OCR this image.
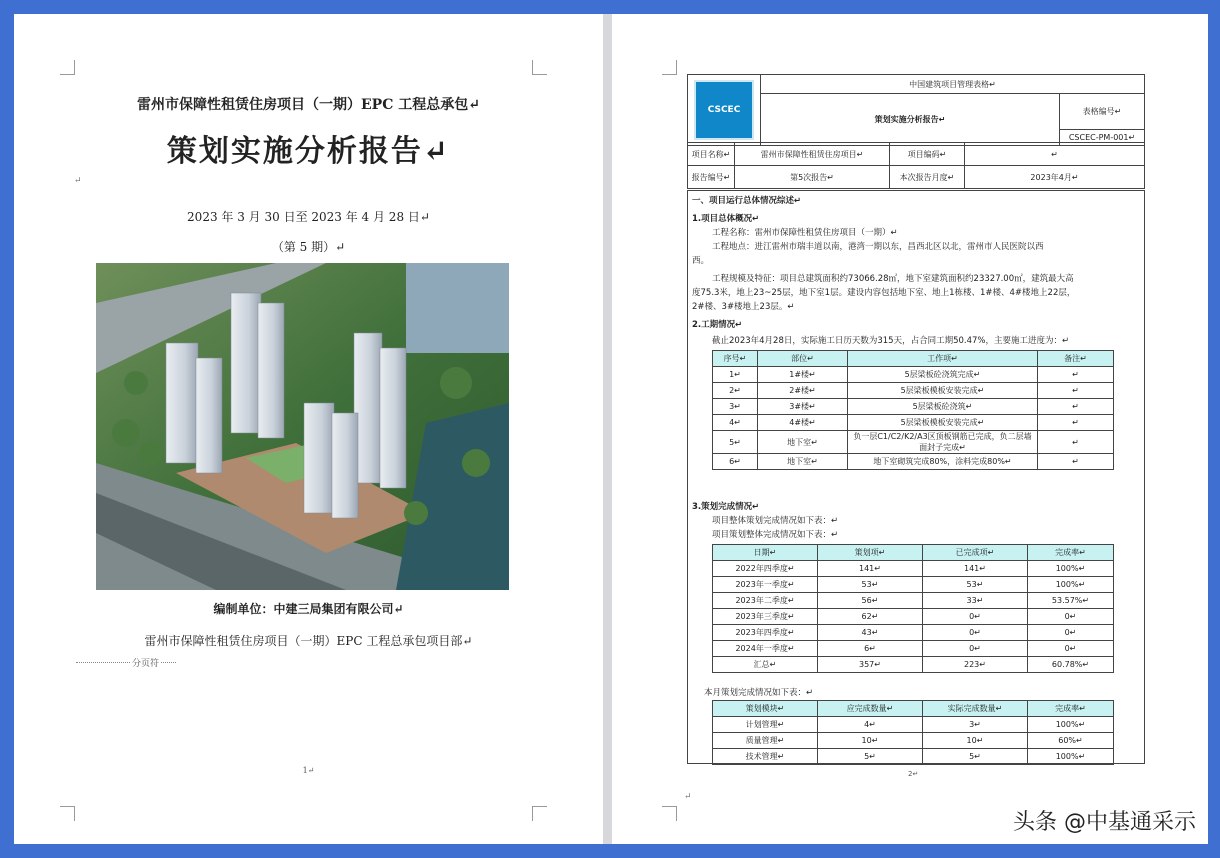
雷州市保障性租赁住房项目（一期）EPC 工程总承包↵
策划实施分析报告↵
↵
2023 年 3 月 30 日至 2023 年 4 月 28 日↵
（第 5 期）↵
编制单位：中建三局集团有限公司↵
雷州市保障性租赁住房项目（一期）EPC 工程总承包项目部↵
分页符
1↵
↵
CSCEC	中国建筑项目管理表格↵	
	策划实施分析报告↵	表格编号↵
		CSCEC-PM-001↵
项目名称↵	雷州市保障性租赁住房项目↵	项目编码↵	↵
报告编号↵	第5次报告↵	本次报告月度↵	2023年4月↵
一、项目运行总体情况综述↵
1.项目总体概况↵
工程名称：雷州市保障性租赁住房项目（一期）↵
工程地点：进江雷州市瑞丰道以南，港湾一期以东，昌西北区以北，雷州市人民医院以西
西。
工程规模及特征：项目总建筑面积约73066.28㎡，地下室建筑面积约23327.00㎡，建筑最大高
度75.3米，地上23~25层，地下室1层。建设内容包括地下室、地上1栋楼、1#楼、4#楼地上22层，
2#楼、3#楼地上23层。↵
2.工期情况↵
截止2023年4月28日，实际施工日历天数为315天，占合同工期50.47%，主要施工进度为：↵
序号↵	部位↵	工作项↵	备注↵
1↵	1#楼↵	5层梁板砼浇筑完成↵	↵
2↵	2#楼↵	5层梁板模板安装完成↵	↵
3↵	3#楼↵	5层梁板砼浇筑↵	↵
4↵	4#楼↵	5层梁板模板安装完成↵	↵
5↵	地下室↵	负一层C1/C2/K2/A3区顶板钢筋已完成，负二层墙面封子完成↵	↵
6↵	地下室↵	地下室砌筑完成80%，涂料完成80%↵	↵
3.策划完成情况↵
项目整体策划完成情况如下表：↵
项目策划整体完成情况如下表：↵
日期↵	策划项↵	已完成项↵	完成率↵
2022年四季度↵	141↵	141↵	100%↵
2023年一季度↵	53↵	53↵	100%↵
2023年二季度↵	56↵	33↵	53.57%↵
2023年三季度↵	62↵	0↵	0↵
2023年四季度↵	43↵	0↵	0↵
2024年一季度↵	6↵	0↵	0↵
汇总↵	357↵	223↵	60.78%↵
本月策划完成情况如下表：↵
策划模块↵	应完成数量↵	实际完成数量↵	完成率↵
计划管理↵	4↵	3↵	100%↵
质量管理↵	10↵	10↵	60%↵
技术管理↵	5↵	5↵	100%↵
2↵
头条 @中基通采示
